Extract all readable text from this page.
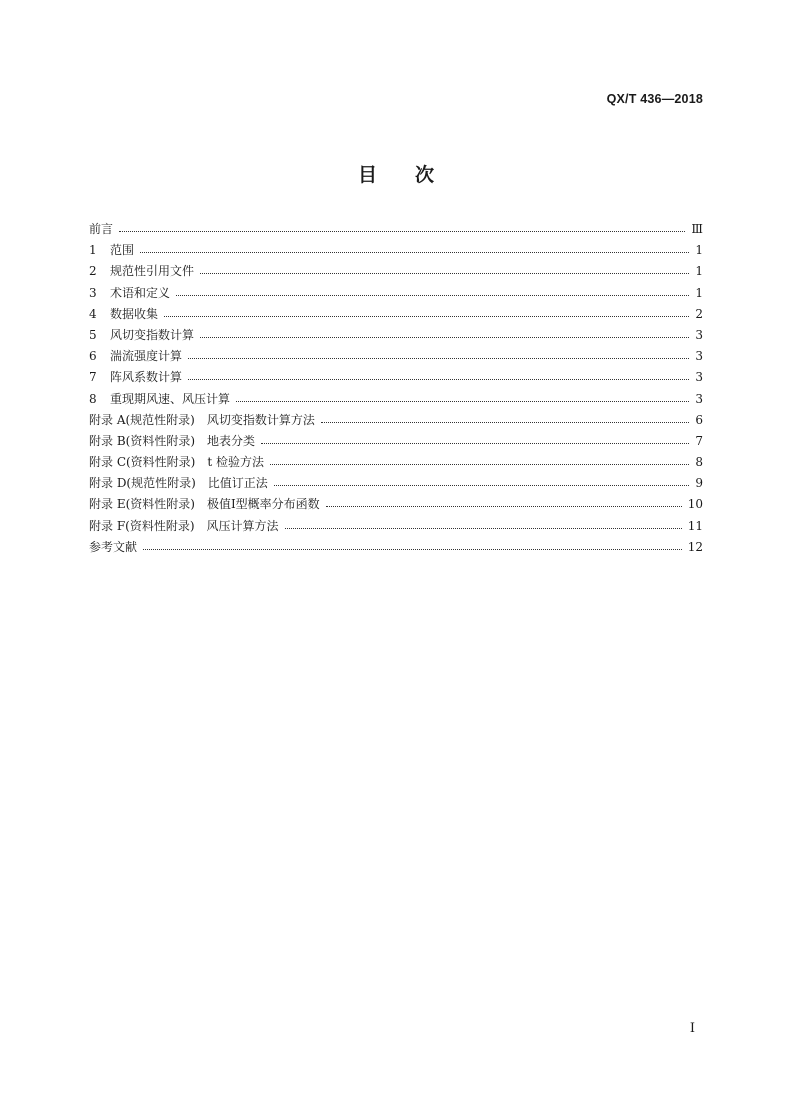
QX/T 436—2018
目 次
前言	Ⅲ
1	范围	1
2	规范性引用文件	1
3	术语和定义	1
4	数据收集	2
5	风切变指数计算	3
6	湍流强度计算	3
7	阵风系数计算	3
8	重现期风速、风压计算	3
附录 A(规范性附录)　风切变指数计算方法	6
附录 B(资料性附录)　地表分类	7
附录 C(资料性附录)　t 检验方法	8
附录 D(规范性附录)　比值订正法	9
附录 E(资料性附录)　极值Ⅰ型概率分布函数	10
附录 F(资料性附录)　风压计算方法	11
参考文献	12
Ⅰ
